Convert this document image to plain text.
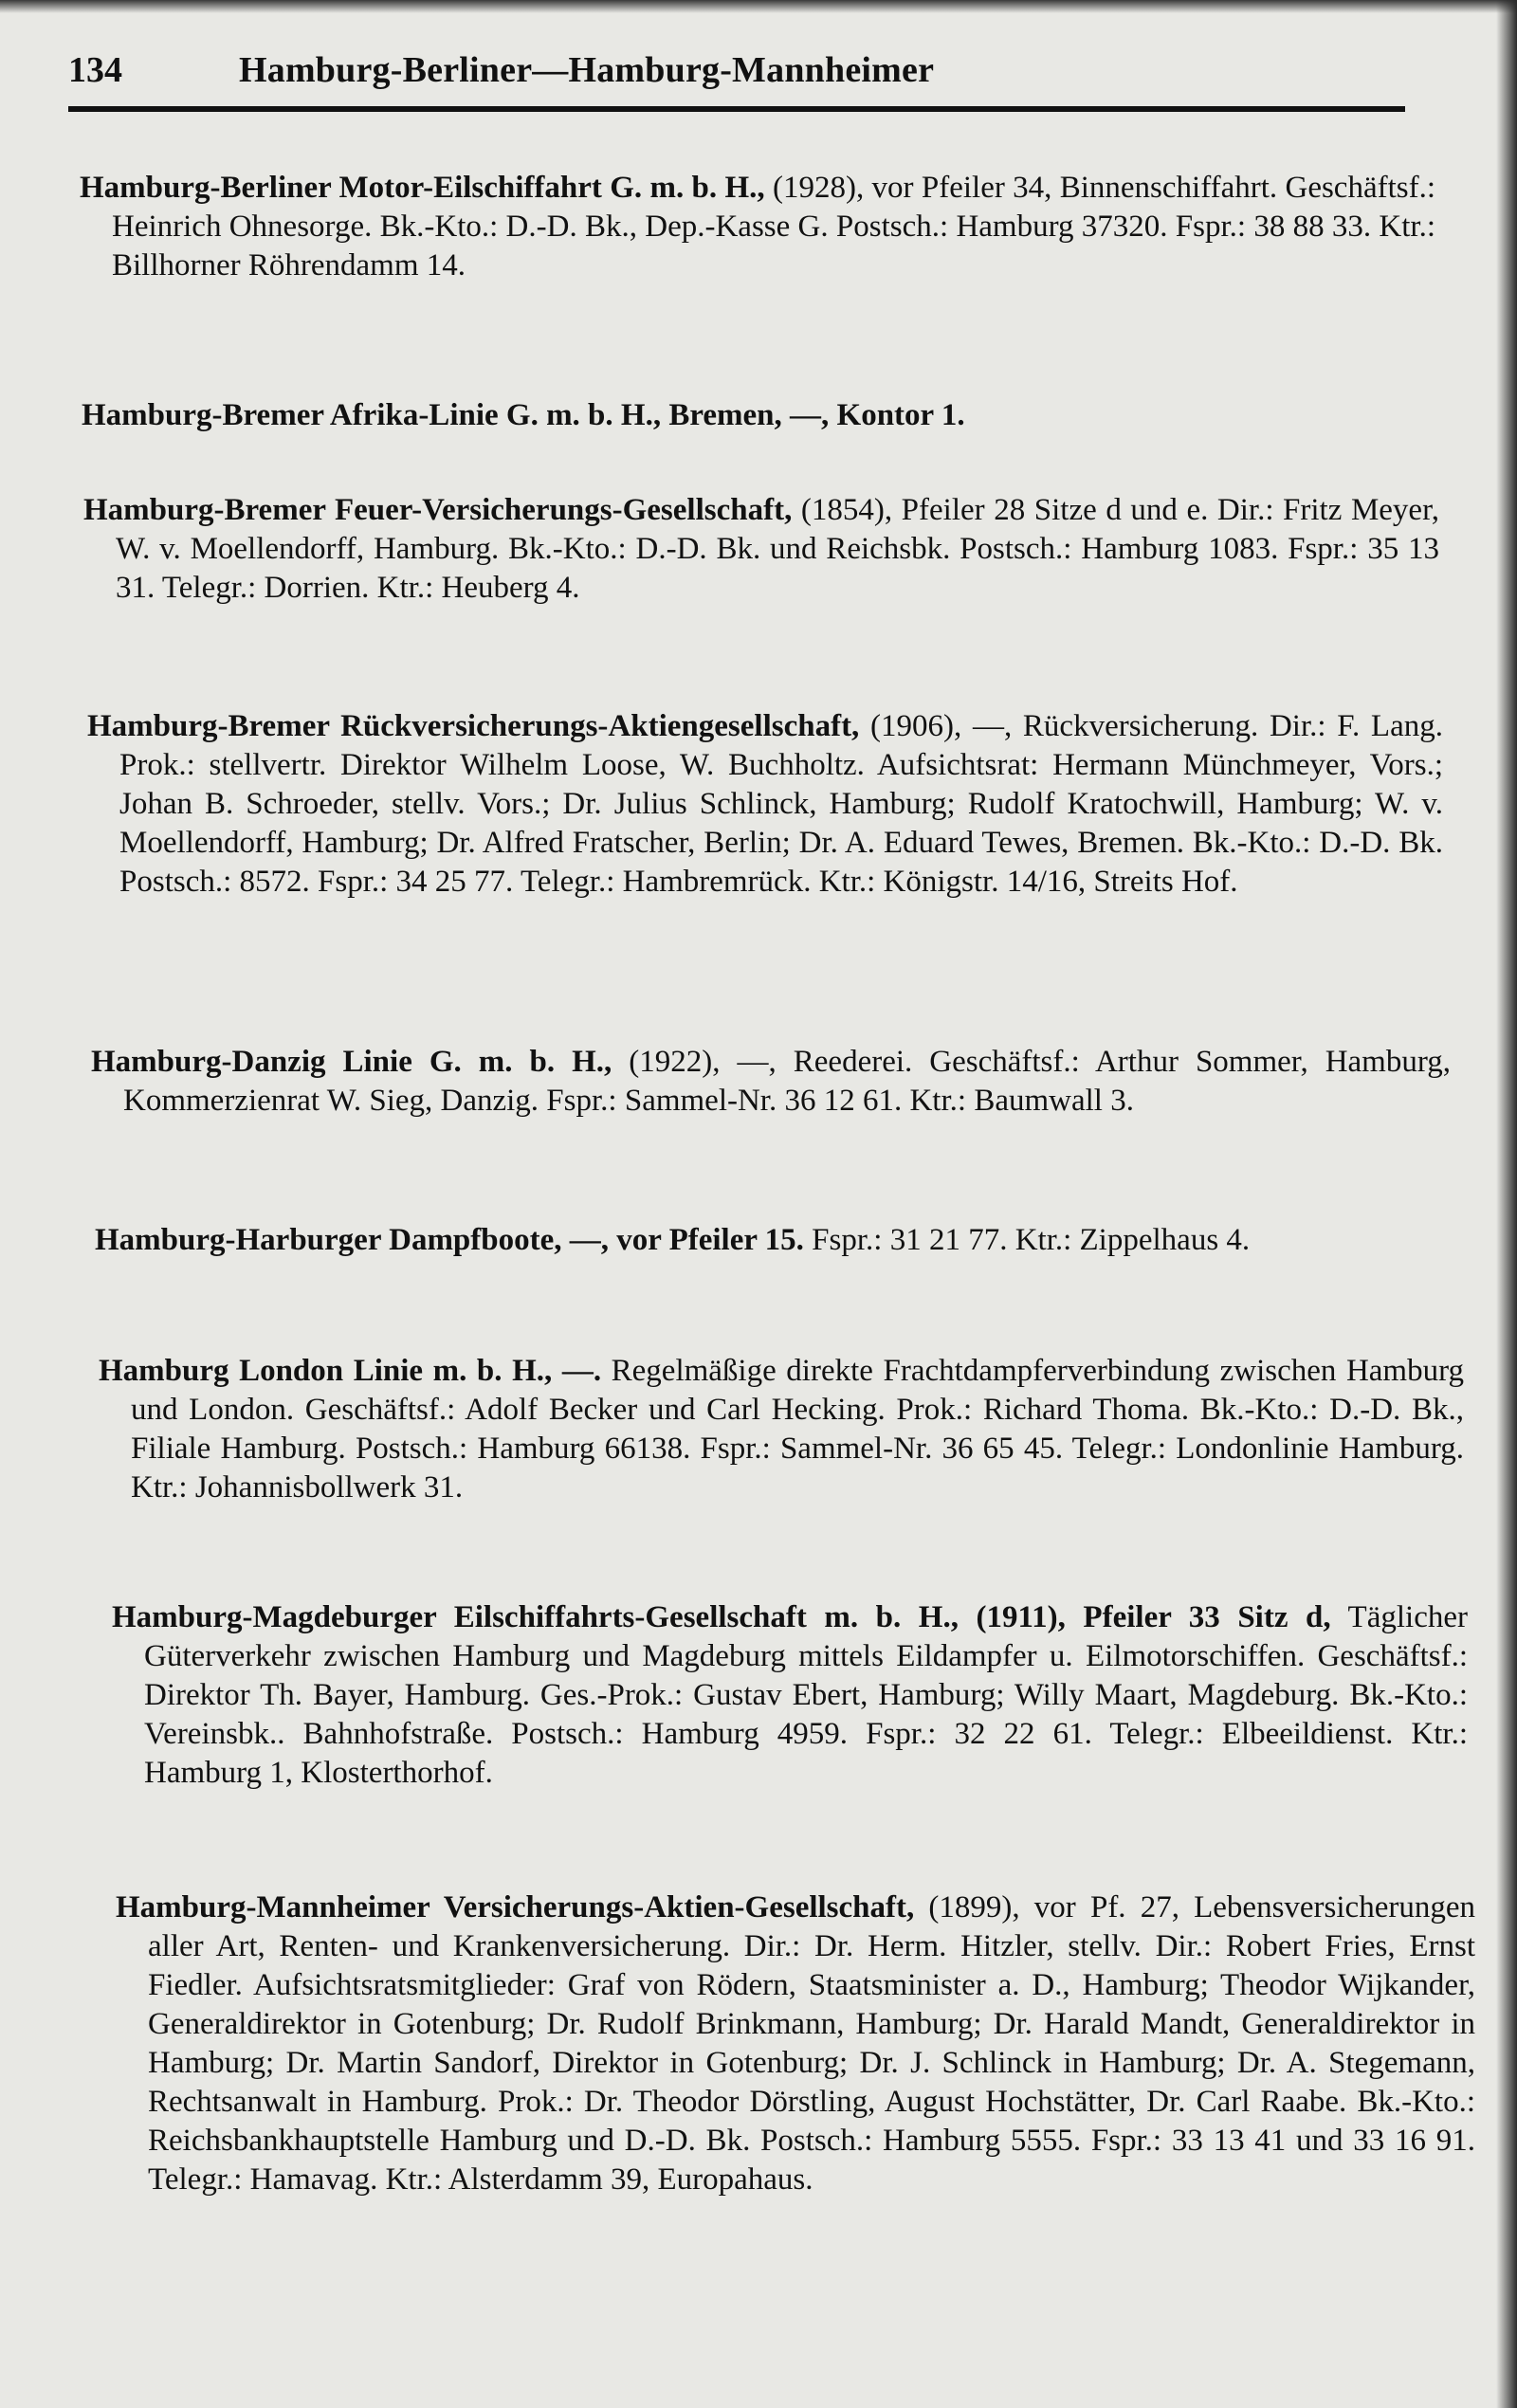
134	Hamburg-Berliner—Hamburg-Mannheimer

Hamburg-Berliner Motor-Eilschiffahrt G. m. b. H., (1928), vor Pfeiler 34, Binnenschiffahrt. Geschäftsf.: Heinrich Ohnesorge. Bk.-Kto.: D.-D. Bk., Dep.-Kasse G. Postsch.: Hamburg 37320. Fspr.: 38 88 33. Ktr.: Billhorner Röhrendamm 14.

Hamburg-Bremer Afrika-Linie G. m. b. H., Bremen, —, Kontor 1.

Hamburg-Bremer Feuer-Versicherungs-Gesellschaft, (1854), Pfeiler 28 Sitze d und e. Dir.: Fritz Meyer, W. v. Moellendorff, Hamburg. Bk.-Kto.: D.-D. Bk. und Reichsbk. Postsch.: Hamburg 1083. Fspr.: 35 13 31. Telegr.: Dorrien. Ktr.: Heuberg 4.

Hamburg-Bremer Rückversicherungs-Aktiengesellschaft, (1906), —, Rückversicherung. Dir.: F. Lang. Prok.: stellvertr. Direktor Wilhelm Loose, W. Buchholtz. Aufsichtsrat: Hermann Münchmeyer, Vors.; Johan B. Schroeder, stellv. Vors.; Dr. Julius Schlinck, Hamburg; Rudolf Kratochwill, Hamburg; W. v. Moellendorff, Hamburg; Dr. Alfred Fratscher, Berlin; Dr. A. Eduard Tewes, Bremen. Bk.-Kto.: D.-D. Bk. Postsch.: 8572. Fspr.: 34 25 77. Telegr.: Hambremrück. Ktr.: Königstr. 14/16, Streits Hof.

Hamburg-Danzig Linie G. m. b. H., (1922), —, Reederei. Geschäftsf.: Arthur Sommer, Hamburg, Kommerzienrat W. Sieg, Danzig. Fspr.: Sammel-Nr. 36 12 61. Ktr.: Baumwall 3.

Hamburg-Harburger Dampfboote, —, vor Pfeiler 15. Fspr.: 31 21 77. Ktr.: Zippelhaus 4.

Hamburg London Linie m. b. H., —. Regelmäßige direkte Frachtdampferverbindung zwischen Hamburg und London. Geschäftsf.: Adolf Becker und Carl Hecking. Prok.: Richard Thoma. Bk.-Kto.: D.-D. Bk., Filiale Hamburg. Postsch.: Hamburg 66138. Fspr.: Sammel-Nr. 36 65 45. Telegr.: Londonlinie Hamburg. Ktr.: Johannisbollwerk 31.

Hamburg-Magdeburger Eilschiffahrts-Gesellschaft m. b. H., (1911), Pfeiler 33 Sitz d, Täglicher Güterverkehr zwischen Hamburg und Magdeburg mittels Eildampfer u. Eilmotorschiffen. Geschäftsf.: Direktor Th. Bayer, Hamburg. Ges.-Prok.: Gustav Ebert, Hamburg; Willy Maart, Magdeburg. Bk.-Kto.: Vereinsbk.. Bahnhofstraße. Postsch.: Hamburg 4959. Fspr.: 32 22 61. Telegr.: Elbeeildienst. Ktr.: Hamburg 1, Klosterthorhof.

Hamburg-Mannheimer Versicherungs-Aktien-Gesellschaft, (1899), vor Pf. 27, Lebensversicherungen aller Art, Renten- und Krankenversicherung. Dir.: Dr. Herm. Hitzler, stellv. Dir.: Robert Fries, Ernst Fiedler. Aufsichtsratsmitglieder: Graf von Rödern, Staatsminister a. D., Hamburg; Theodor Wijkander, Generaldirektor in Gotenburg; Dr. Rudolf Brinkmann, Hamburg; Dr. Harald Mandt, Generaldirektor in Hamburg; Dr. Martin Sandorf, Direktor in Gotenburg; Dr. J. Schlinck in Hamburg; Dr. A. Stegemann, Rechtsanwalt in Hamburg. Prok.: Dr. Theodor Dörstling, August Hochstätter, Dr. Carl Raabe. Bk.-Kto.: Reichsbankhauptstelle Hamburg und D.-D. Bk. Postsch.: Hamburg 5555. Fspr.: 33 13 41 und 33 16 91. Telegr.: Hamavag. Ktr.: Alsterdamm 39, Europahaus.
